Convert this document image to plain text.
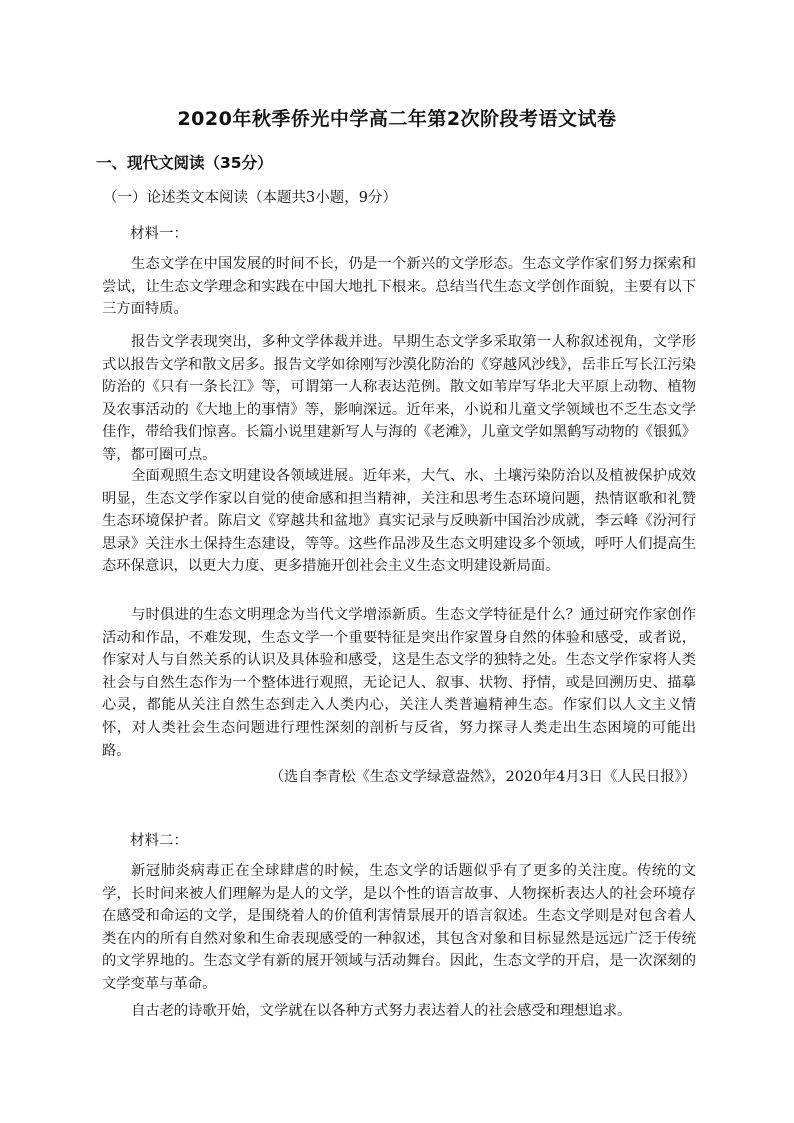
2020年秋季侨光中学高二年第2次阶段考语文试卷
一、现代文阅读（35分）
（一）论述类文本阅读（本题共3小题，9分）
材料一：

生态文学在中国发展的时间不长，仍是一个新兴的文学形态。生态文学作家们努力探索和尝试，让生态文学理念和实践在中国大地扎下根来。总结当代生态文学创作面貌，主要有以下三方面特质。

报告文学表现突出，多种文学体裁并进。早期生态文学多采取第一人称叙述视角，文学形式以报告文学和散文居多。报告文学如徐刚写沙漠化防治的《穿越风沙线》，岳非丘写长江污染防治的《只有一条长江》等，可谓第一人称表达范例。散文如苇岸写华北大平原上动物、植物及农事活动的《大地上的事情》等，影响深远。近年来，小说和儿童文学领域也不乏生态文学佳作，带给我们惊喜。长篇小说里建新写人与海的《老滩》，儿童文学如黑鹤写动物的《银狐》等，都可圈可点。

全面观照生态文明建设各领域进展。近年来，大气、水、土壤污染防治以及植被保护成效明显，生态文学作家以自觉的使命感和担当精神，关注和思考生态环境问题，热情讴歌和礼赞生态环境保护者。陈启文《穿越共和盆地》真实记录与反映新中国治沙成就，李云峰《汾河行思录》关注水土保持生态建设，等等。这些作品涉及生态文明建设多个领域，呼吁人们提高生态环保意识，以更大力度、更多措施开创社会主义生态文明建设新局面。

与时俱进的生态文明理念为当代文学增添新质。生态文学特征是什么？通过研究作家创作活动和作品，不难发现，生态文学一个重要特征是突出作家置身自然的体验和感受，或者说，作家对人与自然关系的认识及具体验和感受，这是生态文学的独特之处。生态文学作家将人类社会与自然生态作为一个整体进行观照，无论记人、叙事、状物、抒情，或是回溯历史、描摹心灵，都能从关注自然生态到走入人类内心，关注人类普遍精神生态。作家们以人文主义情怀，对人类社会生态问题进行理性深刻的剖析与反省，努力探寻人类走出生态困境的可能出路。

（选自李青松《生态文学绿意盎然》，2020年4月3日《人民日报》）
材料二：

新冠肺炎病毒正在全球肆虐的时候，生态文学的话题似乎有了更多的关注度。传统的文学，长时间来被人们理解为是人的文学，是以个性的语言故事、人物探析表达人的社会环境存在感受和命运的文学，是围绕着人的价值利害情景展开的语言叙述。生态文学则是对包含着人类在内的所有自然对象和生命表现感受的一种叙述，其包含对象和目标显然是远远广泛于传统的文学界地的。生态文学有新的展开领域与活动舞台。因此，生态文学的开启，是一次深刻的文学变革与革命。

自古老的诗歌开始，文学就在以各种方式努力表达着人的社会感受和理想追求。
